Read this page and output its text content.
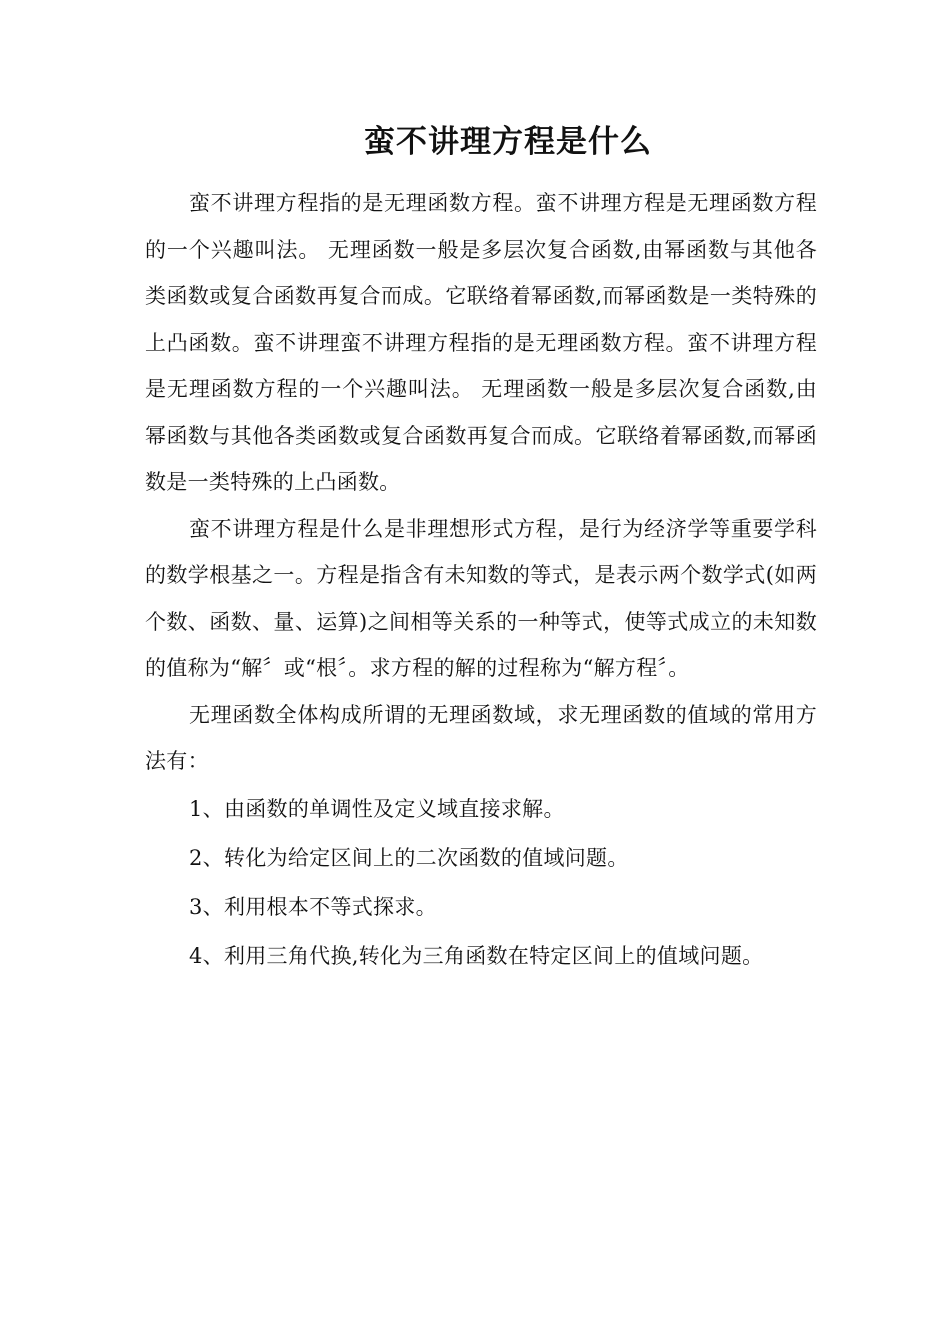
蛮不讲理方程是什么

蛮不讲理方程指的是无理函数方程。蛮不讲理方程是无理函数方程的一个兴趣叫法。 无理函数一般是多层次复合函数,由幂函数与其他各类函数或复合函数再复合而成。它联络着幂函数,而幂函数是一类特殊的上凸函数。蛮不讲理蛮不讲理方程指的是无理函数方程。蛮不讲理方程是无理函数方程的一个兴趣叫法。 无理函数一般是多层次复合函数,由幂函数与其他各类函数或复合函数再复合而成。它联络着幂函数,而幂函数是一类特殊的上凸函数。

蛮不讲理方程是什么是非理想形式方程，是行为经济学等重要学科的数学根基之一。方程是指含有未知数的等式，是表示两个数学式(如两个数、函数、量、运算)之间相等关系的一种等式，使等式成立的未知数的值称为“解〞或“根〞。求方程的解的过程称为“解方程〞。

无理函数全体构成所谓的无理函数域，求无理函数的值域的常用方法有：

1、由函数的单调性及定义域直接求解。

2、转化为给定区间上的二次函数的值域问题。

3、利用根本不等式探求。

4、利用三角代换,转化为三角函数在特定区间上的值域问题。
